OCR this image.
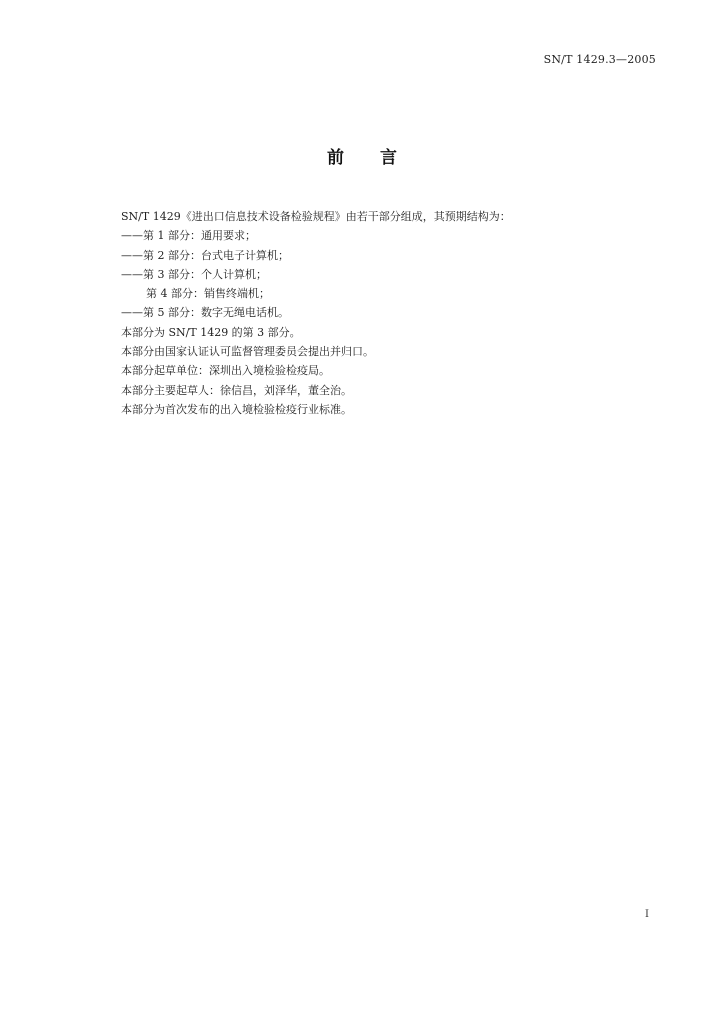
SN/T 1429.3—2005
前 言
SN/T 1429《进出口信息技术设备检验规程》由若干部分组成，其预期结构为：
——第 1 部分：通用要求；
——第 2 部分：台式电子计算机；
——第 3 部分：个人计算机；
第 4 部分：销售终端机；
——第 5 部分：数字无绳电话机。
本部分为 SN/T 1429 的第 3 部分。
本部分由国家认证认可监督管理委员会提出并归口。
本部分起草单位：深圳出入境检验检疫局。
本部分主要起草人：徐信昌，刘泽华，董全治。
本部分为首次发布的出入境检验检疫行业标准。
I
